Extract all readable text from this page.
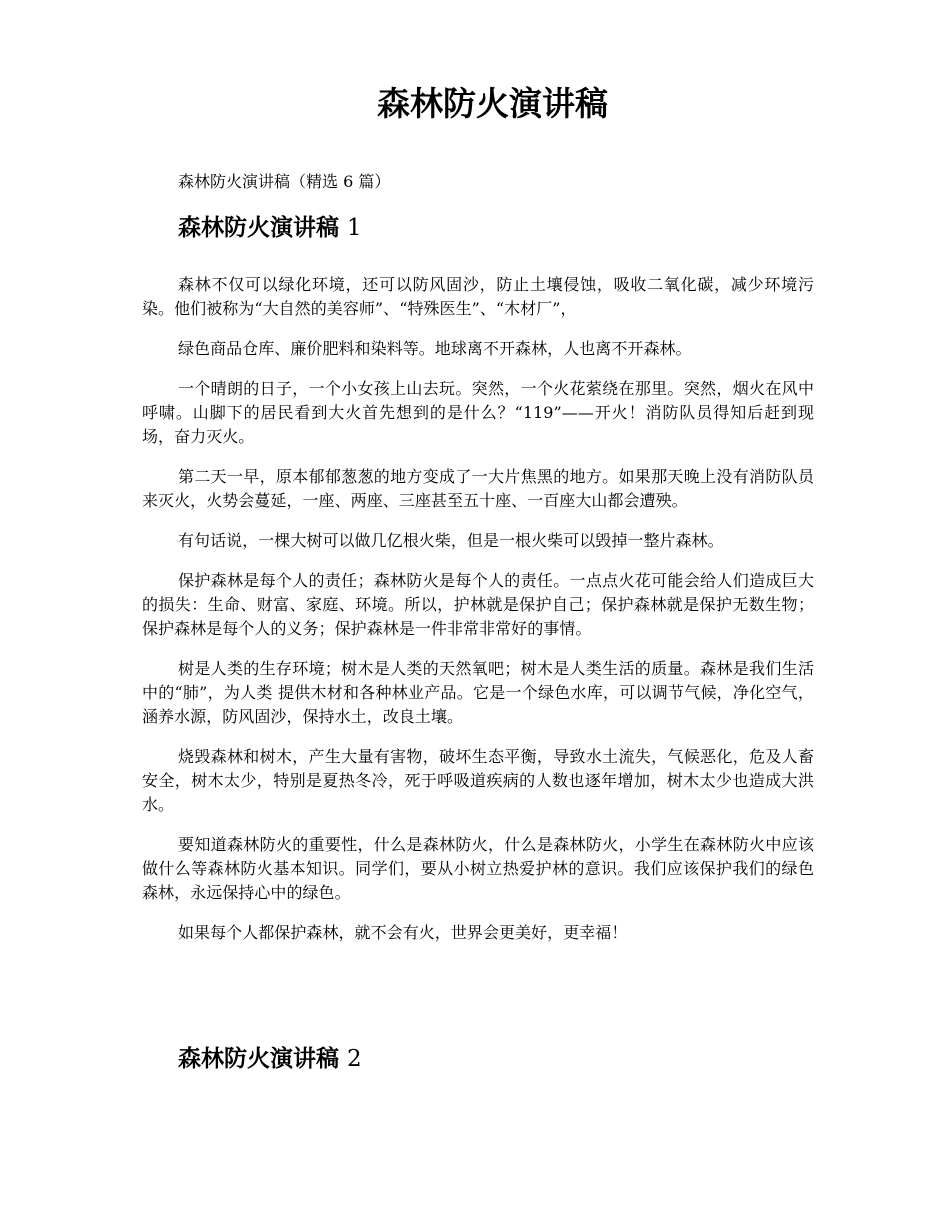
森林防火演讲稿

森林防火演讲稿（精选 6 篇）

森林防火演讲稿 1

森林不仅可以绿化环境，还可以防风固沙，防止土壤侵蚀，吸收二氧化碳，减少环境污染。他们被称为“大自然的美容师”、“特殊医生”、“木材厂”，

绿色商品仓库、廉价肥料和染料等。地球离不开森林，人也离不开森林。

一个晴朗的日子，一个小女孩上山去玩。突然，一个火花萦绕在那里。突然，烟火在风中呼啸。山脚下的居民看到大火首先想到的是什么？“119”——开火！消防队员得知后赶到现场，奋力灭火。

第二天一早，原本郁郁葱葱的地方变成了一大片焦黑的地方。如果那天晚上没有消防队员来灭火，火势会蔓延，一座、两座、三座甚至五十座、一百座大山都会遭殃。

有句话说，一棵大树可以做几亿根火柴，但是一根火柴可以毁掉一整片森林。

保护森林是每个人的责任；森林防火是每个人的责任。一点点火花可能会给人们造成巨大的损失：生命、财富、家庭、环境。所以，护林就是保护自己；保护森林就是保护无数生物；保护森林是每个人的义务；保护森林是一件非常非常好的事情。

树是人类的生存环境；树木是人类的天然氧吧；树木是人类生活的质量。森林是我们生活中的“肺”，为人类 提供木材和各种林业产品。它是一个绿色水库，可以调节气候，净化空气，涵养水源，防风固沙，保持水土，改良土壤。

烧毁森林和树木，产生大量有害物，破坏生态平衡，导致水土流失，气候恶化，危及人畜安全，树木太少，特别是夏热冬冷，死于呼吸道疾病的人数也逐年增加，树木太少也造成大洪水。

要知道森林防火的重要性，什么是森林防火，什么是森林防火，小学生在森林防火中应该做什么等森林防火基本知识。同学们，要从小树立热爱护林的意识。我们应该保护我们的绿色森林，永远保持心中的绿色。

如果每个人都保护森林，就不会有火，世界会更美好，更幸福！

森林防火演讲稿 2
